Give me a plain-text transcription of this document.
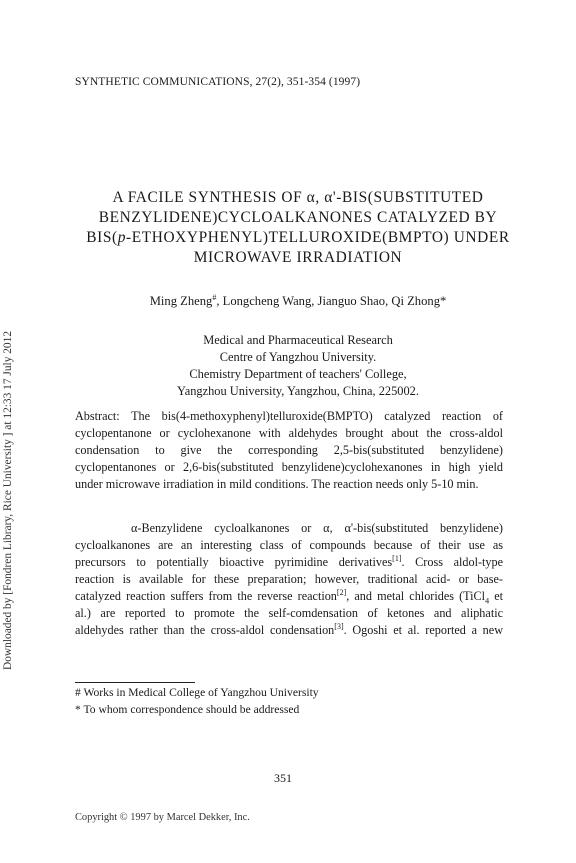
SYNTHETIC COMMUNICATIONS, 27(2), 351-354 (1997)
Downloaded by [Fondren Library, Rice University ] at 12:33 17 July 2012
A FACILE SYNTHESIS OF α, α'-BIS(SUBSTITUTED
BENZYLIDENE)CYCLOALKANONES CATALYZED BY
BIS(p-ETHOXYPHENYL)TELLUROXIDE(BMPTO) UNDER
MICROWAVE IRRADIATION
Ming Zheng#, Longcheng Wang, Jianguo Shao, Qi Zhong*
Medical and Pharmaceutical Research
Centre of Yangzhou University.
Chemistry Department of teachers' College,
Yangzhou University, Yangzhou, China, 225002.
Abstract: The bis(4-methoxyphenyl)telluroxide(BMPTO) catalyzed reaction of
cyclopentanone or cyclohexanone with aldehydes brought about the cross-aldol
condensation to give the corresponding 2,5-bis(substituted benzylidene)
cyclopentanones or 2,6-bis(substituted benzylidene)cyclohexanones in high yield
under microwave irradiation in mild conditions. The reaction needs only 5-10 min.
α-Benzylidene cycloalkanones or α, α'-bis(substituted benzylidene)
cycloalkanones are an interesting class of compounds because of their use as
precursors to potentially bioactive pyrimidine derivatives[1]. Cross aldol-type
reaction is available for these preparation; however, traditional acid- or base-
catalyzed reaction suffers from the reverse reaction[2], and metal chlorides (TiCl$_4$ et
al.) are reported to promote the self-comdensation of ketones and aliphatic
aldehydes rather than the cross-aldol condensation[3]. Ogoshi et al. reported a new
# Works in Medical College of Yangzhou University
* To whom correspondence should be addressed
351
Copyright © 1997 by Marcel Dekker, Inc.
